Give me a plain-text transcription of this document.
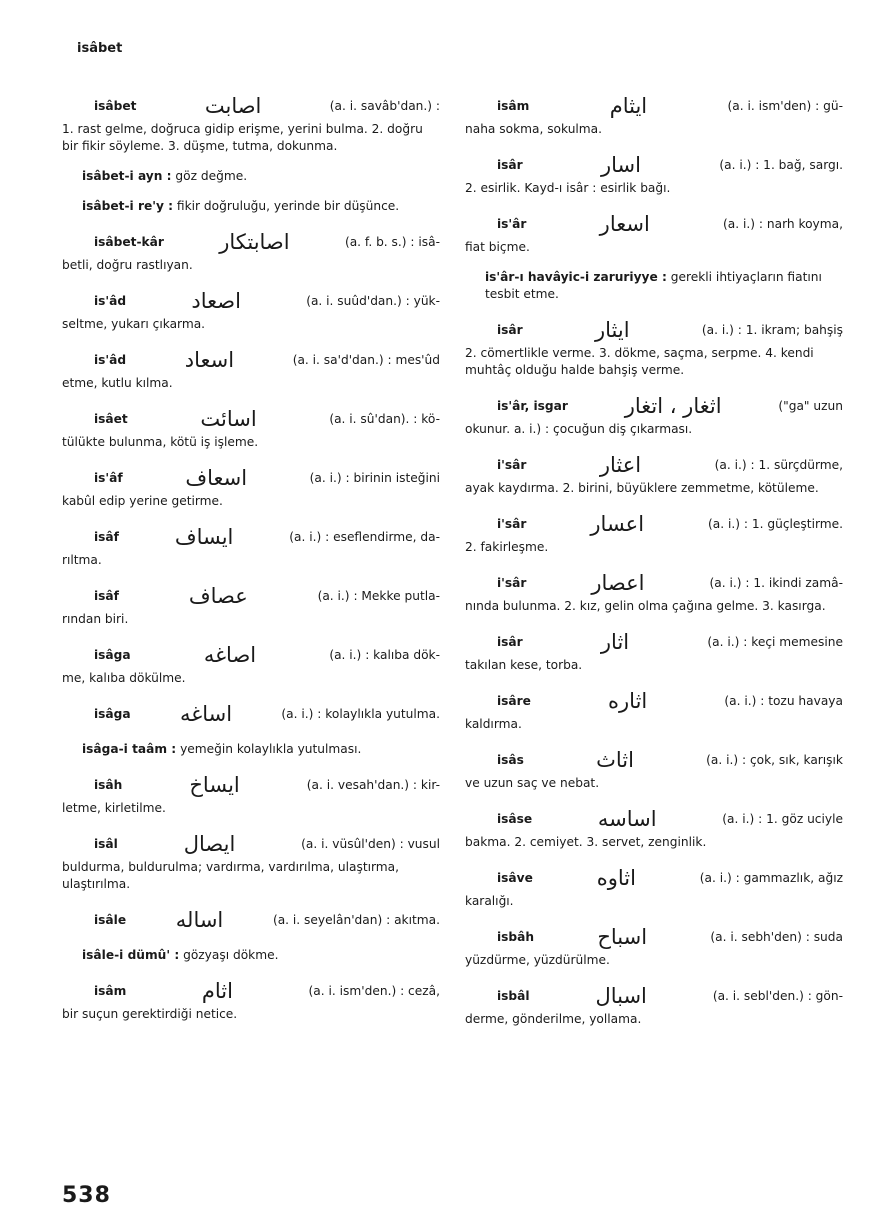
isâbet
isâbet	اصابت	(a. i. savâb'dan.) :
1. rast gelme, doğruca gidip erişme, yerini bulma. 2. doğru bir fikir söyleme. 3. düşme, tutma, dokunma.

isâbet-i ayn : göz değme.

isâbet-i re'y : fikir doğruluğu, yerinde bir düşünce.

isâbet-kâr	اصابتكار	(a. f. b. s.) : isâ-
betli, doğru rastlıyan.
is'âd	اصعاد	(a. i. suûd'dan.) : yük-
seltme, yukarı çıkarma.
is'âd	اسعاد	(a. i. sa'd'dan.) : mes'ûd
etme, kutlu kılma.
isâet	اسائت	(a. i. sû'dan). : kö-
tülükte bulunma, kötü iş işleme.
is'âf	اسعاف	(a. i.) : birinin isteğini
kabûl edip yerine getirme.
isâf	ایساف	(a. i.) : eseflendirme, da-
rıltma.
isâf	عصاف	(a. i.) : Mekke putla-
rından biri.
isâga	اصاغه	(a. i.) : kalıba dök-
me, kalıba dökülme.
isâga اساغه	(a. i.) : kolaylıkla yutulma.

isâga-i taâm : yemeğin kolaylıkla yutulması.

isâh	ایساخ	(a. i. vesah'dan.) : kir-
letme, kirletilme.
isâl	ایصال	(a. i. vüsûl'den) : vusul
buldurma, buldurulma; vardırma, vardırılma, ulaştırma, ulaştırılma.
isâle اساله	(a. i. seyelân'dan) : akıtma.

isâle-i dümû' : gözyaşı dökme.

isâm	اثام	(a. i. ism'den.) : cezâ,
bir suçun gerektirdiği netice.
isâm	ایثام	(a. i. ism'den) : gü-
naha sokma, sokulma.
isâr	اسار	(a. i.) : 1. bağ, sargı.
2. esirlik. Kayd-ı isâr : esirlik bağı.
is'âr	اسعار	(a. i.) : narh koyma,
fiat biçme.

is'âr-ı havâyic-i zaruriyye : gerekli ihtiyaçların fiatını tesbit etme.

isâr	ایثار	(a. i.) : 1. ikram; bahşiş
2. cömertlikle verme. 3. dökme, saçma, serpme. 4. kendi muhtâç olduğu halde bahşiş verme.
is'âr, isgar	اثغار ، اتغار	("ga" uzun
okunur. a. i.) : çocuğun diş çıkarması.
i'sâr	اعثار	(a. i.) : 1. sürçdürme,
ayak kaydırma. 2. birini, büyüklere zemmetme, kötüleme.
i'sâr	اعسار	(a. i.) : 1. güçleştirme.
2. fakirleşme.
i'sâr	اعصار	(a. i.) : 1. ikindi zamâ-
nında bulunma. 2. kız, gelin olma çağına gelme. 3. kasırga.
isâr	اثار	(a. i.) : keçi memesine
takılan kese, torba.
isâre	اثاره	(a. i.) : tozu havaya
kaldırma.
isâs	اثاث	(a. i.) : çok, sık, karışık
ve uzun saç ve nebat.
isâse	اساسه	(a. i.) : 1. göz uciyle
bakma. 2. cemiyet. 3. servet, zenginlik.
isâve	اثاوه	(a. i.) : gammazlık, ağız
karalığı.
isbâh	اسباح	(a. i. sebh'den) : suda
yüzdürme, yüzdürülme.
isbâl	اسبال	(a. i. sebl'den.) : gön-
derme, gönderilme, yollama.
538
